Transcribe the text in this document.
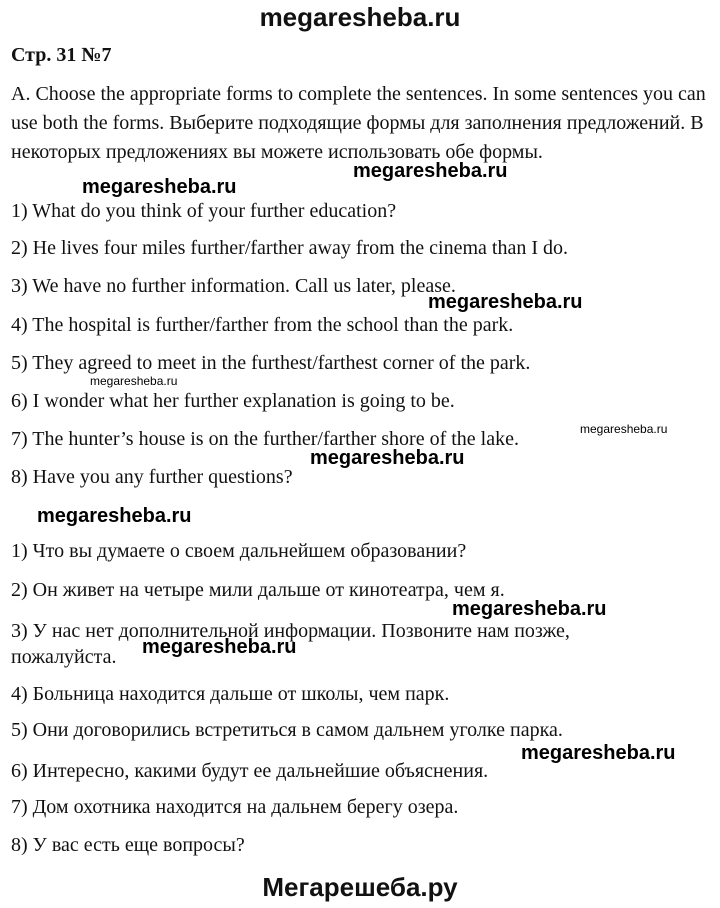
megaresheba.ru
Стр. 31 №7
A. Choose the appropriate forms to complete the sentences. In some sentences you can use both the forms. Выберите подходящие формы для заполнения предложений. В некоторых предложениях вы можете использовать обе формы.
1) What do you think of your further education?
2) He lives four miles further/farther away from the cinema than I do.
3) We have no further information. Call us later, please.
4) The hospital is further/farther from the school than the park.
5) They agreed to meet in the furthest/farthest corner of the park.
6) I wonder what her further explanation is going to be.
7) The hunter’s house is on the further/farther shore of the lake.
8) Have you any further questions?
1) Что вы думаете о своем дальнейшем образовании?
2) Он живет на четыре мили дальше от кинотеатра, чем я.
3) У нас нет дополнительной информации. Позвоните нам позже,
пожалуйста.
4) Больница находится дальше от школы, чем парк.
5) Они договорились встретиться в самом дальнем уголке парка.
6) Интересно, какими будут ее дальнейшие объяснения.
7) Дом охотника находится на дальнем берегу озера.
8) У вас есть еще вопросы?
megaresheba.ru
megaresheba.ru
megaresheba.ru
megaresheba.ru
megaresheba.ru
megaresheba.ru
megaresheba.ru
megaresheba.ru
megaresheba.ru
megaresheba.ru
Мегарешеба.ру
